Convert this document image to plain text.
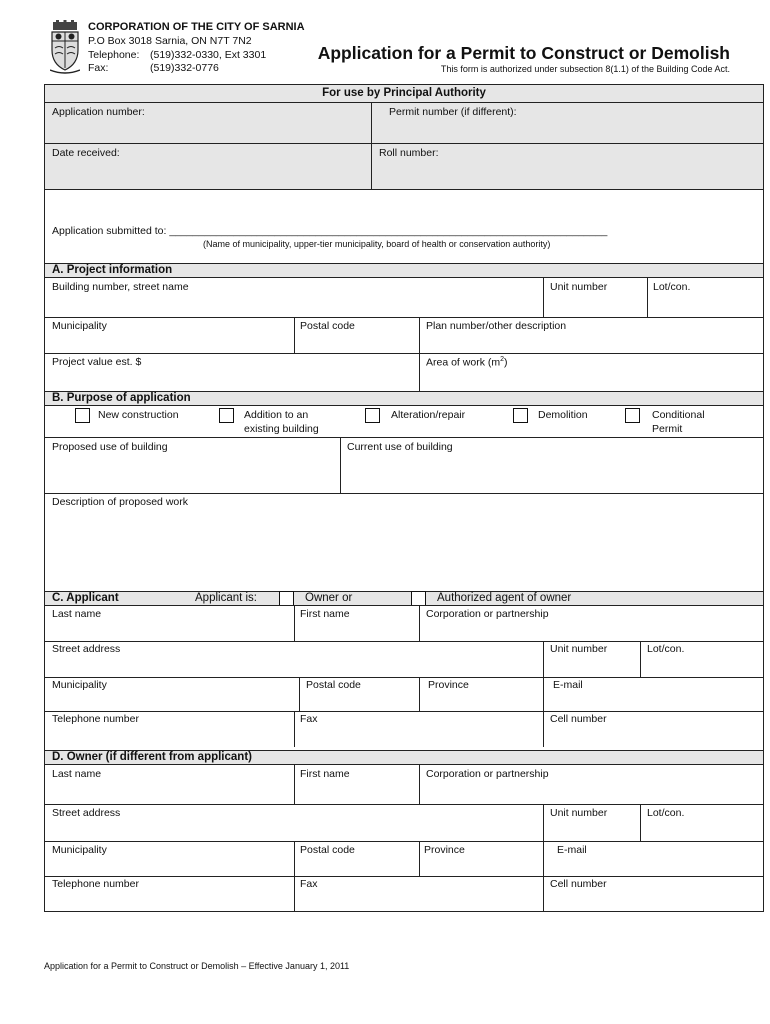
CORPORATION OF THE CITY OF SARNIA
P.O Box 3018 Sarnia, ON N7T 7N2
Telephone: (519)332-0330, Ext 3301
Fax:	(519)332-0776
Application for a Permit to Construct or Demolish
This form is authorized under subsection 8(1.1) of the Building Code Act.
For use by Principal Authority
Application number:	Permit number (if different):
Date received:	Roll number:
Application submitted to: ___________________________________________________________________________
(Name of municipality, upper-tier municipality, board of health or conservation authority)
A. Project information
Building number, street name	Unit number	Lot/con.
Municipality	Postal code	Plan number/other description
Project value est. $	Area of work $(m^2)$
B. Purpose of application
New construction	Addition to an
existing building
Alteration/repair	Demolition	Conditional
Permit
Proposed use of building	Current use of building
Description of proposed work
C. Applicant	Applicant is:	Owner or	Authorized agent of owner
Last name	First name	Corporation or partnership
Street address	Unit number	Lot/con.
Municipality	Postal code	Province	E-mail
Telephone number	Fax	Cell number
D. Owner (if different from applicant)
Last name	First name	Corporation or partnership
Street address	Unit number	Lot/con.
Municipality	Postal code	Province	E-mail
Telephone number	Fax	Cell number
Application for a Permit to Construct or Demolish – Effective January 1, 2011
